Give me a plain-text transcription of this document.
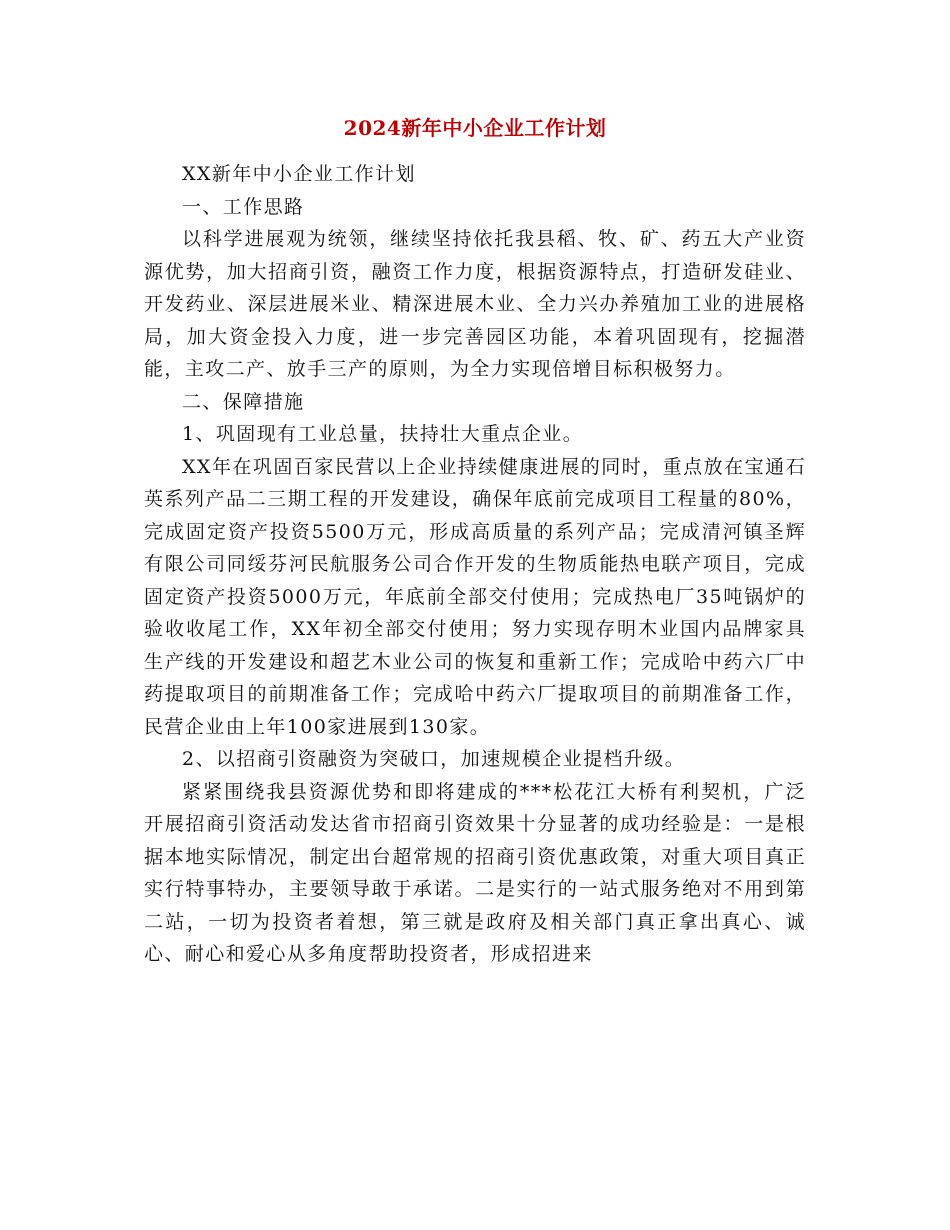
2024新年中小企业工作计划

XX新年中小企业工作计划

一、工作思路

以科学进展观为统领，继续坚持依托我县稻、牧、矿、药五大产业资源优势，加大招商引资，融资工作力度，根据资源特点，打造研发硅业、开发药业、深层进展米业、精深进展木业、全力兴办养殖加工业的进展格局，加大资金投入力度，进一步完善园区功能，本着巩固现有，挖掘潜能，主攻二产、放手三产的原则，为全力实现倍增目标积极努力。

二、保障措施

1、巩固现有工业总量，扶持壮大重点企业。

XX年在巩固百家民营以上企业持续健康进展的同时，重点放在宝通石英系列产品二三期工程的开发建设，确保年底前完成项目工程量的80%，完成固定资产投资5500万元，形成高质量的系列产品；完成清河镇圣辉有限公司同绥芬河民航服务公司合作开发的生物质能热电联产项目，完成固定资产投资5000万元，年底前全部交付使用；完成热电厂35吨锅炉的验收收尾工作，XX年初全部交付使用；努力实现存明木业国内品牌家具生产线的开发建设和超艺木业公司的恢复和重新工作；完成哈中药六厂中药提取项目的前期准备工作；完成哈中药六厂提取项目的前期准备工作，民营企业由上年100家进展到130家。

2、以招商引资融资为突破口，加速规模企业提档升级。

紧紧围绕我县资源优势和即将建成的***松花江大桥有利契机，广泛开展招商引资活动发达省市招商引资效果十分显著的成功经验是：一是根据本地实际情况，制定出台超常规的招商引资优惠政策，对重大项目真正实行特事特办，主要领导敢于承诺。二是实行的一站式服务绝对不用到第二站，一切为投资者着想，第三就是政府及相关部门真正拿出真心、诚心、耐心和爱心从多角度帮助投资者，形成招进来
